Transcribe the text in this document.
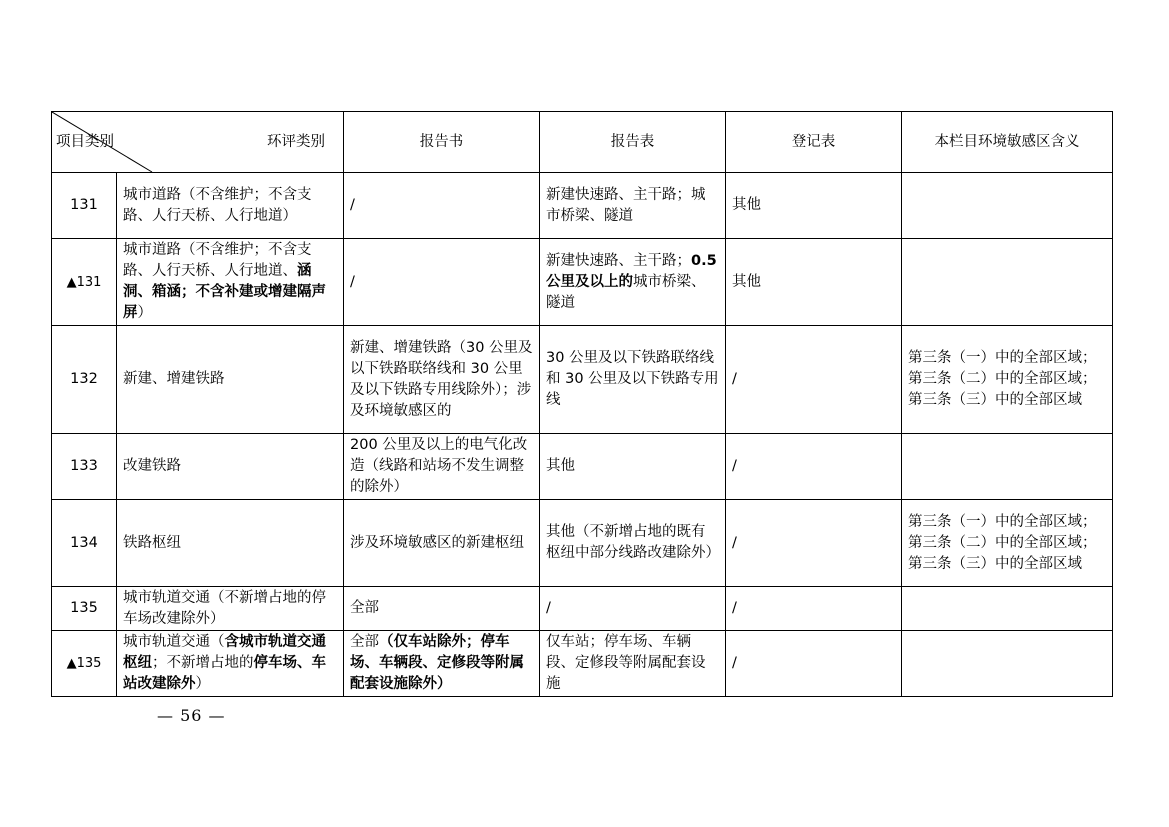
项目类别 环评类别		报告书	报告表	登记表	本栏目环境敏感区含义
131	城市道路（不含维护；不含支路、人行天桥、人行地道）	/	新建快速路、主干路；城市桥梁、隧道	其他	
▲131	城市道路（不含维护；不含支路、人行天桥、人行地道、涵洞、箱涵；不含补建或增建隔声屏）	/	新建快速路、主干路；0.5 公里及以上的城市桥梁、隧道	其他	
132	新建、增建铁路	新建、增建铁路（30 公里及以下铁路联络线和 30 公里及以下铁路专用线除外）；涉及环境敏感区的	30 公里及以下铁路联络线和 30 公里及以下铁路专用线	/	第三条（一）中的全部区域；第三条（二）中的全部区域；第三条（三）中的全部区域
133	改建铁路	200 公里及以上的电气化改造（线路和站场不发生调整的除外）	其他	/	
134	铁路枢纽	涉及环境敏感区的新建枢纽	其他（不新增占地的既有枢纽中部分线路改建除外）	/	第三条（一）中的全部区域；第三条（二）中的全部区域；第三条（三）中的全部区域
135	城市轨道交通（不新增占地的停车场改建除外）	全部	/	/	
▲135	城市轨道交通（含城市轨道交通枢纽；不新增占地的停车场、车站改建除外）	全部（仅车站除外；停车场、车辆段、定修段等附属配套设施除外）	仅车站；停车场、车辆段、定修段等附属配套设施	/	
— 56 —
